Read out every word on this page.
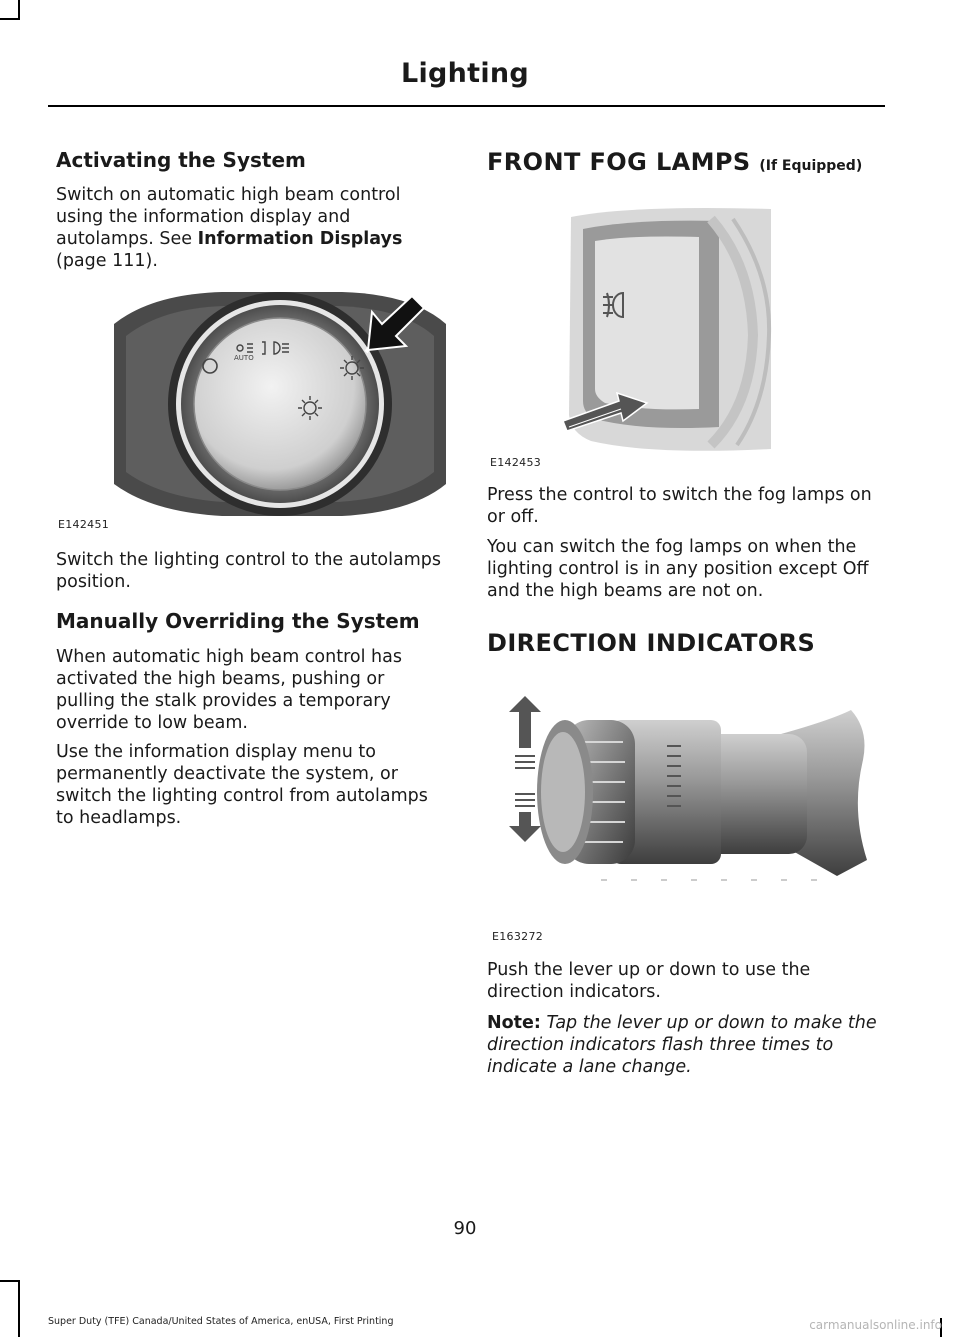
Lighting
Activating the System
Switch on automatic high beam control using the information display and autolamps. See Information Displays (page 111).
AUTO
E142451
Switch the lighting control to the autolamps position.
Manually Overriding the System
When automatic high beam control has activated the high beams, pushing or pulling the stalk provides a temporary override to low beam.
Use the information display menu to permanently deactivate the system, or switch the lighting control from autolamps to headlamps.
FRONT FOG LAMPS (If Equipped)
E142453
Press the control to switch the fog lamps on or off.
You can switch the fog lamps on when the lighting control is in any position except Off and the high beams are not on.
DIRECTION INDICATORS
E163272
Push the lever up or down to use the direction indicators.
Note: Tap the lever up or down to make the direction indicators flash three times to indicate a lane change.
90
Super Duty (TFE) Canada/United States of America, enUSA, First Printing	carmanualsonline.info
